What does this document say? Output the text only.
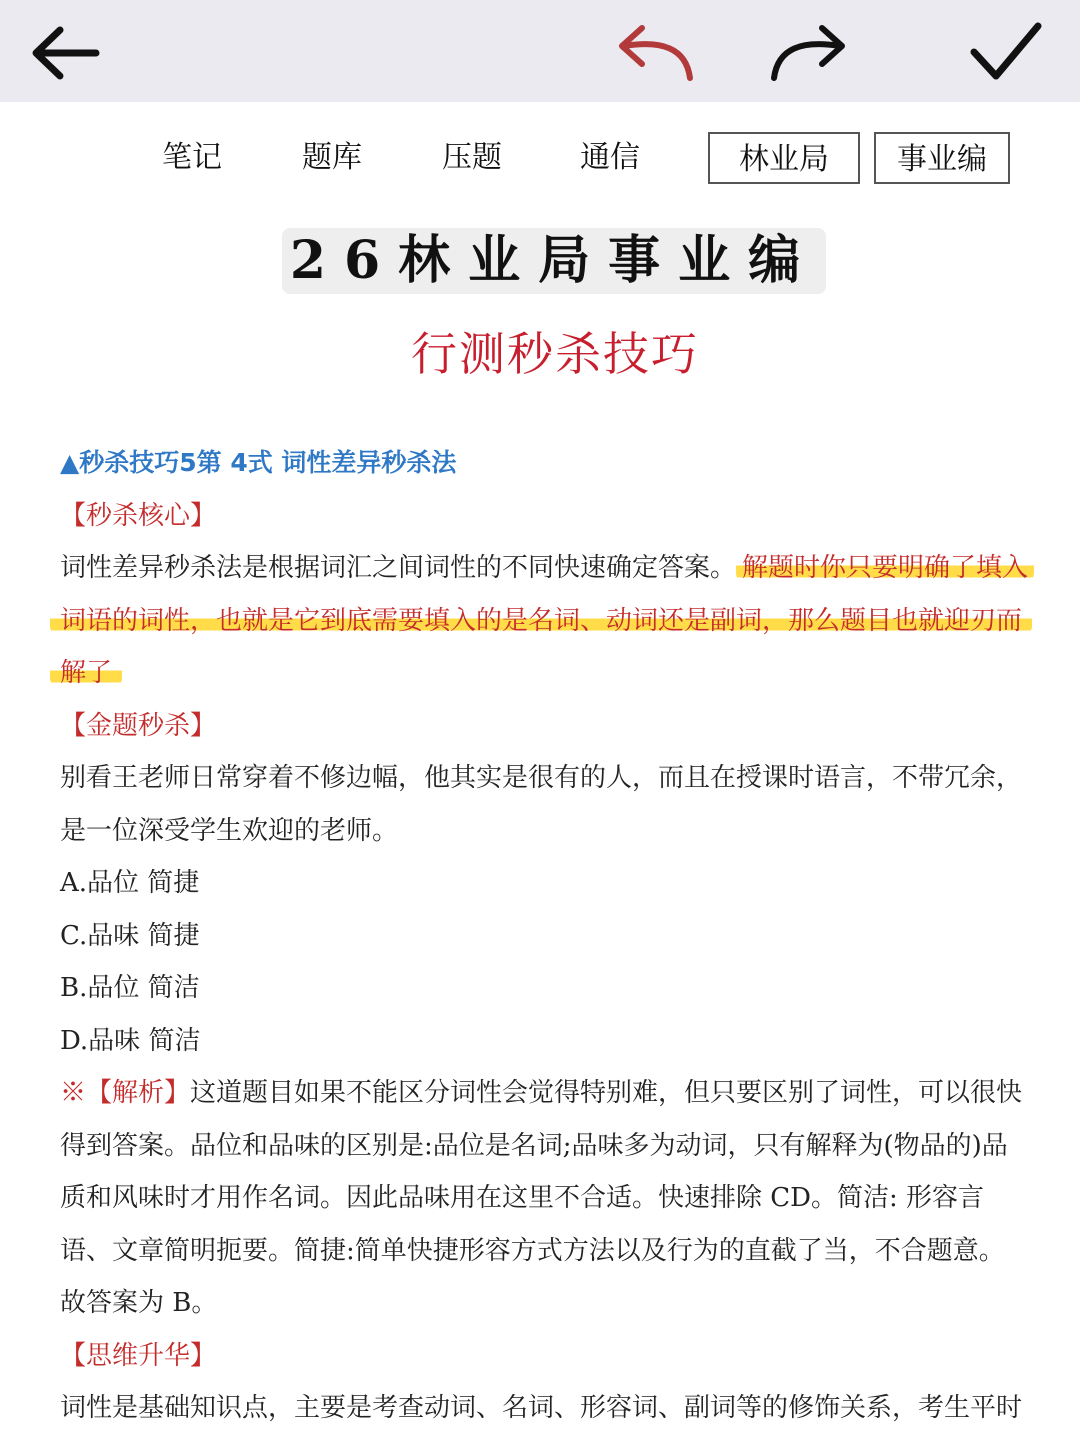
笔记	题库	压题	通信	林业局	事业编
26林业局事业编
行测秒杀技巧
▲秒杀技巧5第 4式 词性差异秒杀法
【秒杀核心】
词性差异秒杀法是根据词汇之间词性的不同快速确定答案。 解题时你只要明确了填入
词语的词性，也就是它到底需要填入的是名词、动词还是副词，那么题目也就迎刃而
解了
【金题秒杀】
别看王老师日常穿着不修边幅，他其实是很有的人，而且在授课时语言，不带冗余，
是一位深受学生欢迎的老师。
A.品位 简捷
C.品味 简捷
B.品位 简洁
D.品味 简洁
※【解析】这道题目如果不能区分词性会觉得特别难，但只要区别了词性，可以很快
得到答案。品位和品味的区别是:品位是名词;品味多为动词，只有解释为(物品的)品
质和风味时才用作名词。因此品味用在这里不合适。快速排除 CD。简洁: 形容言
语、文章简明扼要。简捷:简单快捷形容方式方法以及行为的直截了当，不合题意。
故答案为 B。
【思维升华】
词性是基础知识点，主要是考查动词、名词、形容词、副词等的修饰关系，考生平时
